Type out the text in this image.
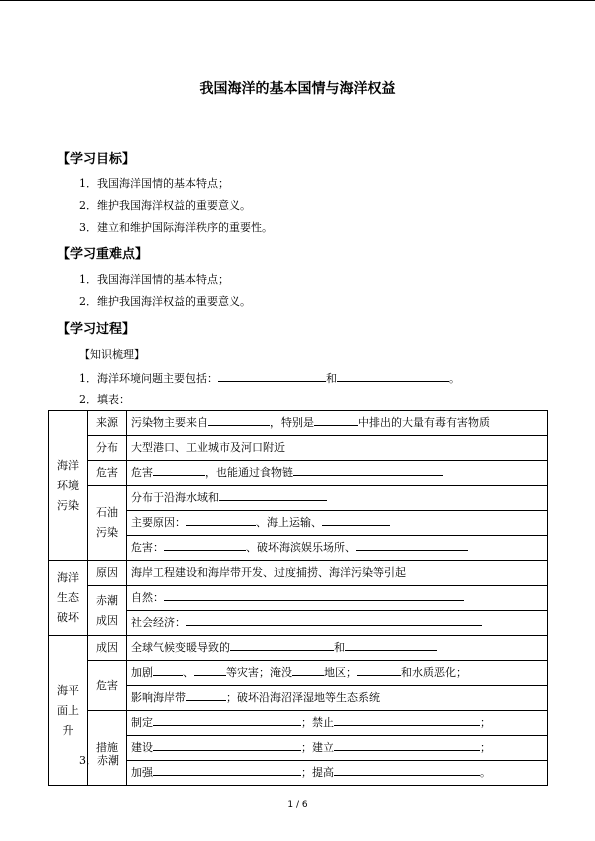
我国海洋的基本国情与海洋权益
【学习目标】
1．我国海洋国情的基本特点；
2．维护我国海洋权益的重要意义。
3．建立和维护国际海洋秩序的重要性。
【学习重难点】
1．我国海洋国情的基本特点；
2．维护我国海洋权益的重要意义。
【学习过程】
【知识梳理】
1．海洋环境问题主要包括：	和	。
2．填表：
海洋环境污染	来源	污染物主要来自 ，特别是 中排出的大量有毒有害物质
	分布	大型港口、工业城市及河口附近
	危害	危害 ，也能通过食物链
	石油污染	分布于沿海水域和
		主要原因： 、海上运输、
		危害： 、破坏海滨娱乐场所、
海洋生态破坏	原因	海岸工程建设和海岸带开发、过度捕捞、海洋污染等引起
	赤潮成因	自然：
		社会经济：
海平面上升	成因	全球气候变暖导致的 和
	危害	加剧 、 等灾害；淹没 地区； 和水质恶化；
		影响海岸带 ；破坏沿海沼泽湿地等生态系统
	措施	制定 ；禁止 ；
		建设 ；建立 ；
		加强 ；提高 。
3．赤潮
1 / 6
